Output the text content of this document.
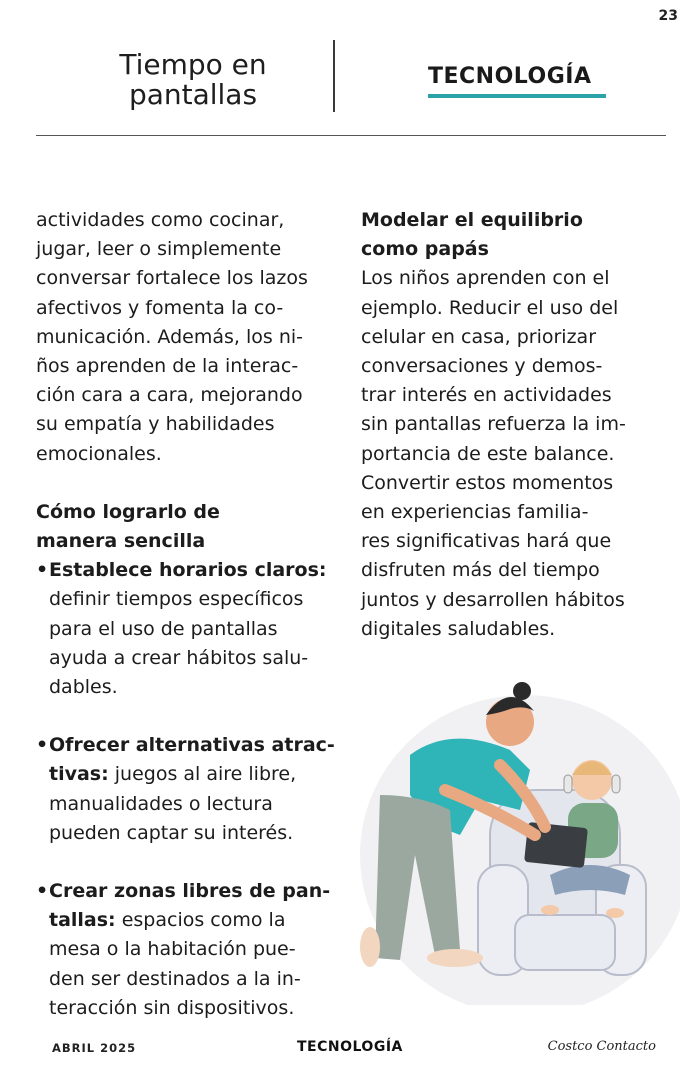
23
Tiempo en
pantallas
TECNOLOGÍA

actividades como cocinar,

jugar, leer o simplemente

conversar fortalece los lazos

afectivos y fomenta la co-

municación. Además, los ni-

ños aprenden de la interac-

ción cara a cara, mejorando

su empatía y habilidades

emocionales.

Cómo lograrlo de

manera sencilla

• Establece horarios claros:

definir tiempos específicos

para el uso de pantallas

ayuda a crear hábitos salu-

dables.

• Ofrecer alternativas atrac-

tivas: juegos al aire libre,

manualidades o lectura

pueden captar su interés.

• Crear zonas libres de pan-

tallas: espacios como la

mesa o la habitación pue-

den ser destinados a la in-

teracción sin dispositivos.

Modelar el equilibrio

como papás

Los niños aprenden con el

ejemplo. Reducir el uso del

celular en casa, priorizar

conversaciones y demos-

trar interés en actividades

sin pantallas refuerza la im-

portancia de este balance.

Convertir estos momentos

en experiencias familia-

res significativas hará que

disfruten más del tiempo

juntos y desarrollen hábitos

digitales saludables.

ABRIL 2025	TECNOLOGÍA	Costco Contacto
